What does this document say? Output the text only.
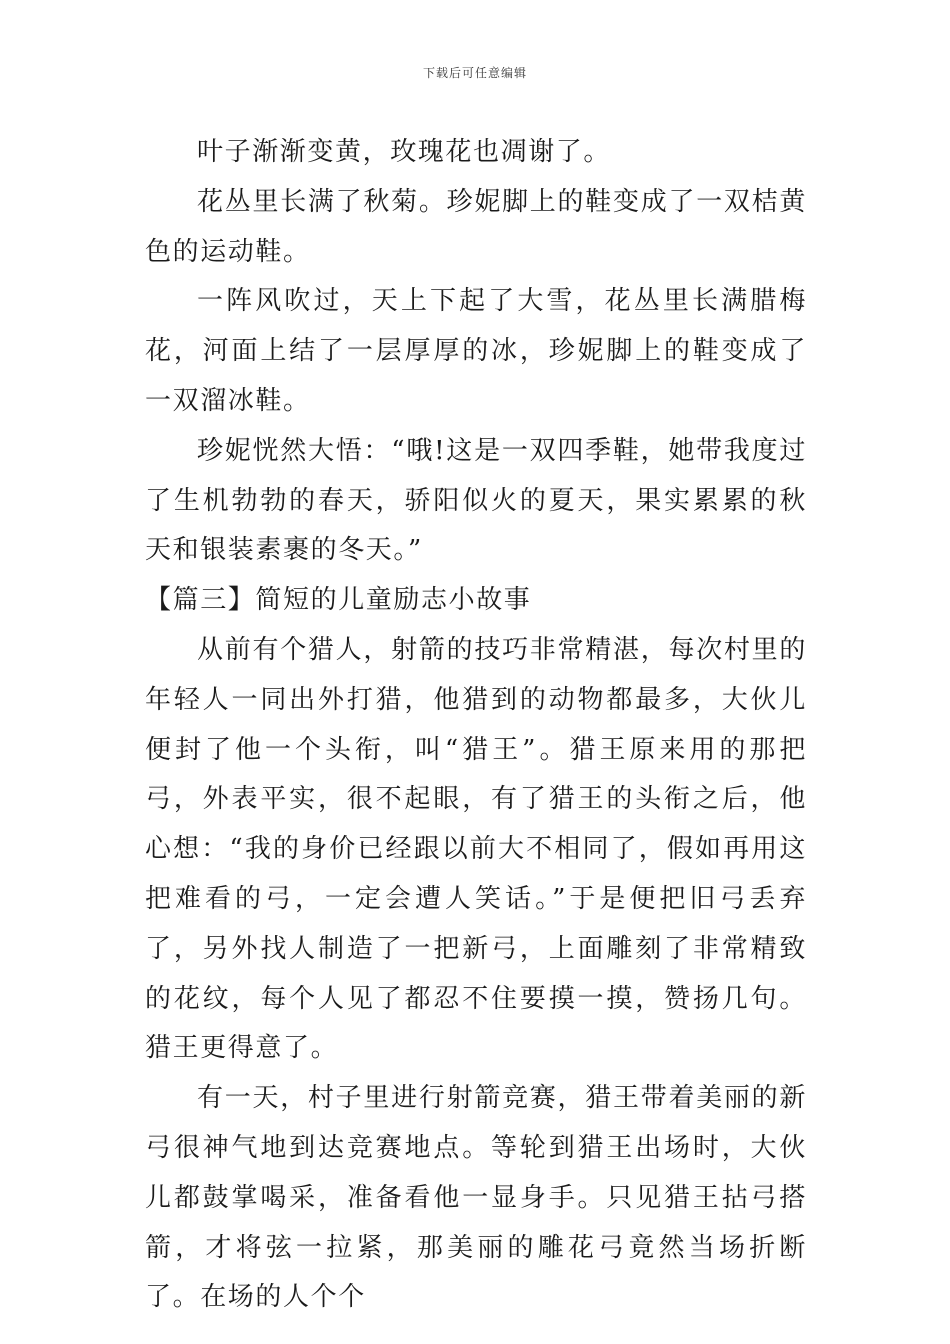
下载后可任意编辑

叶子渐渐变黄，玫瑰花也凋谢了。

花丛里长满了秋菊。珍妮脚上的鞋变成了一双桔黄色的运动鞋。

一阵风吹过，天上下起了大雪，花丛里长满腊梅花，河面上结了一层厚厚的冰，珍妮脚上的鞋变成了一双溜冰鞋。

珍妮恍然大悟：“哦!这是一双四季鞋，她带我度过了生机勃勃的春天，骄阳似火的夏天，果实累累的秋天和银装素裹的冬天。”

【篇三】简短的儿童励志小故事

从前有个猎人，射箭的技巧非常精湛，每次村里的年轻人一同出外打猎，他猎到的动物都最多，大伙儿便封了他一个头衔，叫“猎王”。猎王原来用的那把弓，外表平实，很不起眼，有了猎王的头衔之后，他心想：“我的身价已经跟以前大不相同了，假如再用这把难看的弓，一定会遭人笑话。”于是便把旧弓丢弃了，另外找人制造了一把新弓，上面雕刻了非常精致的花纹，每个人见了都忍不住要摸一摸，赞扬几句。猎王更得意了。

有一天，村子里进行射箭竞赛，猎王带着美丽的新弓很神气地到达竞赛地点。等轮到猎王出场时，大伙儿都鼓掌喝采，准备看他一显身手。只见猎王拈弓搭箭，才将弦一拉紧，那美丽的雕花弓竟然当场折断了。在场的人个个
